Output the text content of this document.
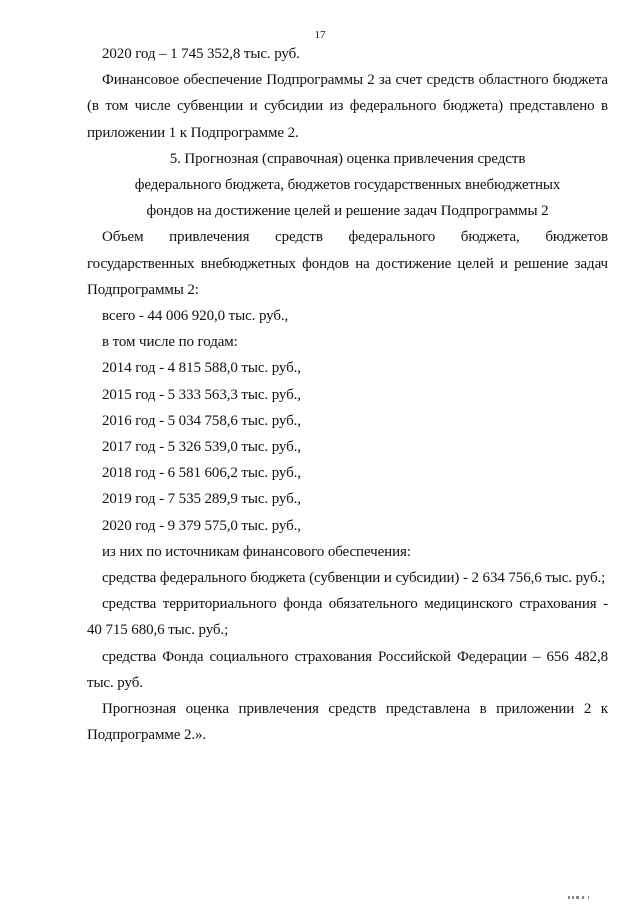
17

2020 год – 1 745 352,8 тыс. руб.

Финансовое обеспечение Подпрограммы 2 за счет средств областного бюджета (в том числе субвенции и субсидии из федерального бюджета) представлено в приложении 1 к Подпрограмме 2.

5. Прогнозная (справочная) оценка привлечения средств

федерального бюджета, бюджетов государственных внебюджетных

фондов на достижение целей и решение задач Подпрограммы 2

Объем привлечения средств федерального бюджета, бюджетов государственных внебюджетных фондов на достижение целей и решение задач Подпрограммы 2:

всего - 44 006 920,0 тыс. руб.,

в том числе по годам:

2014 год - 4 815 588,0 тыс. руб.,

2015 год - 5 333 563,3 тыс. руб.,

2016 год - 5 034 758,6 тыс. руб.,

2017 год - 5 326 539,0 тыс. руб.,

2018 год - 6 581 606,2 тыс. руб.,

2019 год - 7 535 289,9 тыс. руб.,

2020 год - 9 379 575,0 тыс. руб.,

из них по источникам финансового обеспечения:

средства федерального бюджета (субвенции и субсидии) - 2 634 756,6 тыс. руб.;

средства территориального фонда обязательного медицинского страхования - 40 715 680,6 тыс. руб.;

средства Фонда социального страхования Российской Федерации – 656 482,8 тыс. руб.

Прогнозная оценка привлечения средств представлена в приложении 2 к Подпрограмме 2.».
